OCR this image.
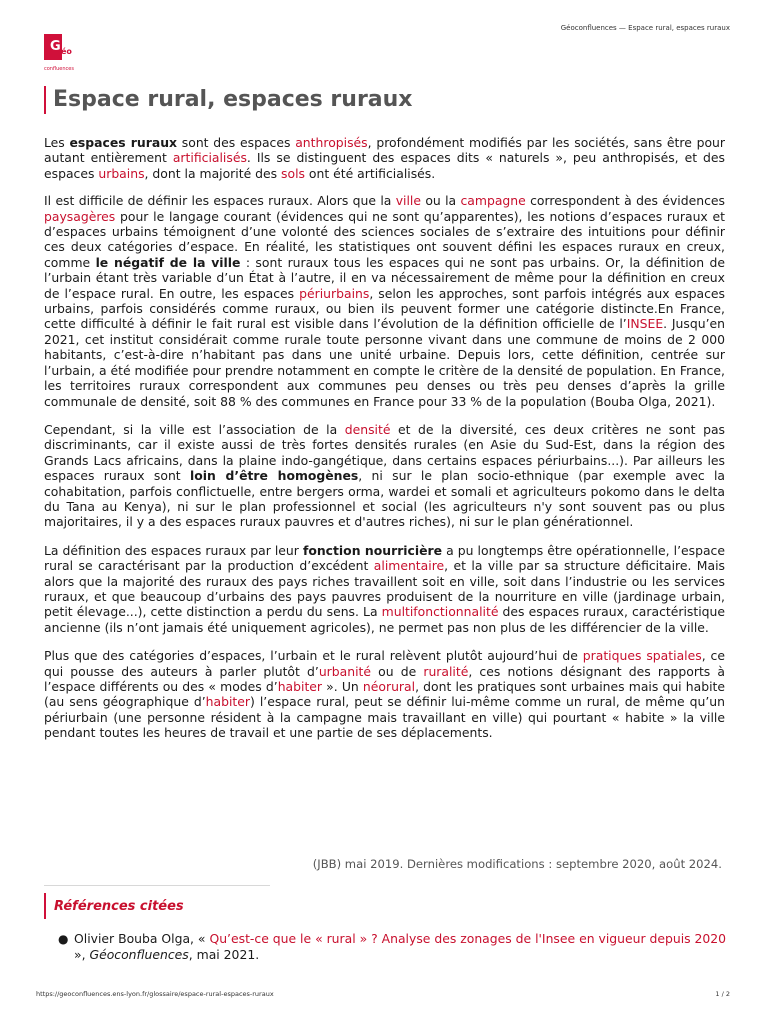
Géoconfluences — Espace rural, espaces ruraux
G éo
confluences
Espace rural, espaces ruraux

Les espaces ruraux sont des espaces anthropisés, profondément modifiés par les sociétés, sans être pour autant entièrement artificialisés. Ils se distinguent des espaces dits « naturels », peu anthropisés, et des espaces urbains, dont la majorité des sols ont été artificialisés.

Il est difficile de définir les espaces ruraux. Alors que la ville ou la campagne correspondent à des évidences paysagères pour le langage courant (évidences qui ne sont qu’apparentes), les notions d’espaces ruraux et d’espaces urbains témoignent d’une volonté des sciences sociales de s’extraire des intuitions pour définir ces deux catégories d’espace. En réalité, les statistiques ont souvent défini les espaces ruraux en creux, comme le négatif de la ville : sont ruraux tous les espaces qui ne sont pas urbains. Or, la définition de l’urbain étant très variable d’un État à l’autre, il en va nécessairement de même pour la définition en creux de l’espace rural. En outre, les espaces périurbains, selon les approches, sont parfois intégrés aux espaces urbains, parfois considérés comme ruraux, ou bien ils peuvent former une catégorie distincte.En France, cette difficulté à définir le fait rural est visible dans l’évolution de la définition officielle de l’INSEE. Jusqu’en 2021, cet institut considérait comme rurale toute personne vivant dans une commune de moins de 2 000 habitants, c’est-à-dire n’habitant pas dans une unité urbaine. Depuis lors, cette définition, centrée sur l’urbain, a été modifiée pour prendre notamment en compte le critère de la densité de population. En France, les territoires ruraux correspondent aux communes peu denses ou très peu denses d’après la grille communale de densité, soit 88 % des communes en France pour 33 % de la population (Bouba Olga, 2021).

Cependant, si la ville est l’association de la densité et de la diversité, ces deux critères ne sont pas discriminants, car il existe aussi de très fortes densités rurales (en Asie du Sud-Est, dans la région des Grands Lacs africains, dans la plaine indo-gangétique, dans certains espaces périurbains...). Par ailleurs les espaces ruraux sont loin d’être homogènes, ni sur le plan socio-ethnique (par exemple avec la cohabitation, parfois conflictuelle, entre bergers orma, wardei et somali et agriculteurs pokomo dans le delta du Tana au Kenya), ni sur le plan professionnel et social (les agriculteurs n'y sont souvent pas ou plus majoritaires, il y a des espaces ruraux pauvres et d'autres riches), ni sur le plan générationnel.

La définition des espaces ruraux par leur fonction nourricière a pu longtemps être opérationnelle, l’espace rural se caractérisant par la production d’excédent alimentaire, et la ville par sa structure déficitaire. Mais alors que la majorité des ruraux des pays riches travaillent soit en ville, soit dans l’industrie ou les services ruraux, et que beaucoup d’urbains des pays pauvres produisent de la nourriture en ville (jardinage urbain, petit élevage...), cette distinction a perdu du sens. La multifonctionnalité des espaces ruraux, caractéristique ancienne (ils n’ont jamais été uniquement agricoles), ne permet pas non plus de les différencier de la ville.

Plus que des catégories d’espaces, l’urbain et le rural relèvent plutôt aujourd’hui de pratiques spatiales, ce qui pousse des auteurs à parler plutôt d’urbanité ou de ruralité, ces notions désignant des rapports à l’espace différents ou des « modes d’habiter ». Un néorural, dont les pratiques sont urbaines mais qui habite (au sens géographique d’habiter) l’espace rural, peut se définir lui-même comme un rural, de même qu’un périurbain (une personne résident à la campagne mais travaillant en ville) qui pourtant « habite » la ville pendant toutes les heures de travail et une partie de ses déplacements.

(JBB) mai 2019. Dernières modifications : septembre 2020, août 2024.
Références citées
● Olivier Bouba Olga, « Qu’est-ce que le « rural » ? Analyse des zonages de l'Insee en vigueur depuis 2020 », Géoconfluences, mai 2021.
https://geoconfluences.ens-lyon.fr/glossaire/espace-rural-espaces-ruraux	1 / 2
